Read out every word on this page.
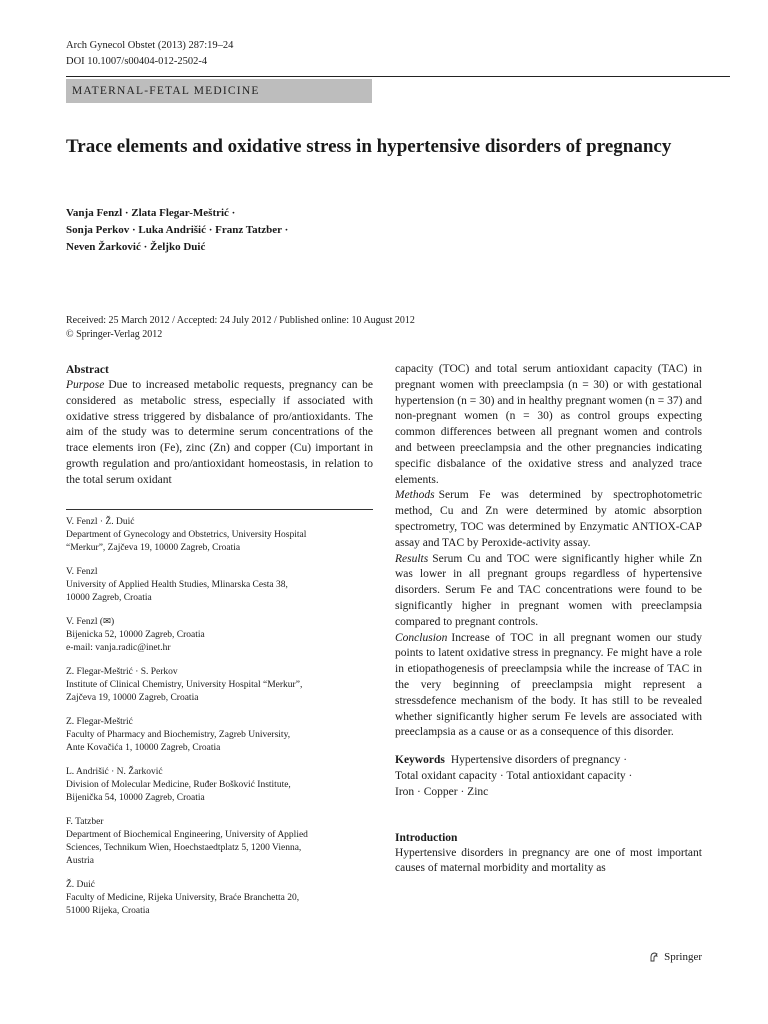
Arch Gynecol Obstet (2013) 287:19–24
DOI 10.1007/s00404-012-2502-4
MATERNAL-FETAL MEDICINE
Trace elements and oxidative stress in hypertensive disorders of pregnancy
Vanja Fenzl · Zlata Flegar-Meštrić ·
Sonja Perkov · Luka Andrišić · Franz Tatzber ·
Neven Žarković · Željko Duić
Received: 25 March 2012 / Accepted: 24 July 2012 / Published online: 10 August 2012
© Springer-Verlag 2012
Abstract

Purpose Due to increased metabolic requests, pregnancy can be considered as metabolic stress, especially if associated with oxidative stress triggered by disbalance of pro/antioxidants. The aim of the study was to determine serum concentrations of the trace elements iron (Fe), zinc (Zn) and copper (Cu) important in growth regulation and pro/antioxidant homeostasis, in relation to the total serum oxidant

V. Fenzl · Ž. Duić
Department of Gynecology and Obstetrics, University Hospital
“Merkur”, Zajčeva 19, 10000 Zagreb, Croatia
V. Fenzl
University of Applied Health Studies, Mlinarska Cesta 38,
10000 Zagreb, Croatia
V. Fenzl (✉)
Bijenicka 52, 10000 Zagreb, Croatia
e-mail: vanja.radic@inet.hr
Z. Flegar-Meštrić · S. Perkov
Institute of Clinical Chemistry, University Hospital “Merkur”,
Zajčeva 19, 10000 Zagreb, Croatia
Z. Flegar-Meštrić
Faculty of Pharmacy and Biochemistry, Zagreb University,
Ante Kovačića 1, 10000 Zagreb, Croatia
L. Andrišić · N. Žarković
Division of Molecular Medicine, Ruđer Bošković Institute,
Bijenička 54, 10000 Zagreb, Croatia
F. Tatzber
Department of Biochemical Engineering, University of Applied
Sciences, Technikum Wien, Hoechstaedtplatz 5, 1200 Vienna,
Austria
Ž. Duić
Faculty of Medicine, Rijeka University, Braće Branchetta 20,
51000 Rijeka, Croatia

capacity (TOC) and total serum antioxidant capacity (TAC) in pregnant women with preeclampsia (n = 30) or with gestational hypertension (n = 30) and in healthy pregnant women (n = 37) and non-pregnant women (n = 30) as control groups expecting common differences between all pregnant women and controls and between preeclampsia and the other pregnancies indicating specific disbalance of the oxidative stress and analyzed trace elements.

Methods Serum Fe was determined by spectrophotometric method, Cu and Zn were determined by atomic absorption spectrometry, TOC was determined by Enzymatic ANTIOX-CAP assay and TAC by Peroxide-activity assay.

Results Serum Cu and TOC were significantly higher while Zn was lower in all pregnant groups regardless of hypertensive disorders. Serum Fe and TAC concentrations were found to be significantly higher in pregnant women with preeclampsia compared to pregnant controls.

Conclusion Increase of TOC in all pregnant women our study points to latent oxidative stress in pregnancy. Fe might have a role in etiopathogenesis of preeclampsia while the increase of TAC in the very beginning of preeclampsia might represent a stressdefence mechanism of the body. It has still to be revealed whether significantly higher serum Fe levels are associated with preeclampsia as a cause or as a consequence of this disorder.

Keywords Hypertensive disorders of pregnancy ·
Total oxidant capacity · Total antioxidant capacity ·
Iron · Copper · Zinc
Introduction

Hypertensive disorders in pregnancy are one of most important causes of maternal morbidity and mortality as

Springer
